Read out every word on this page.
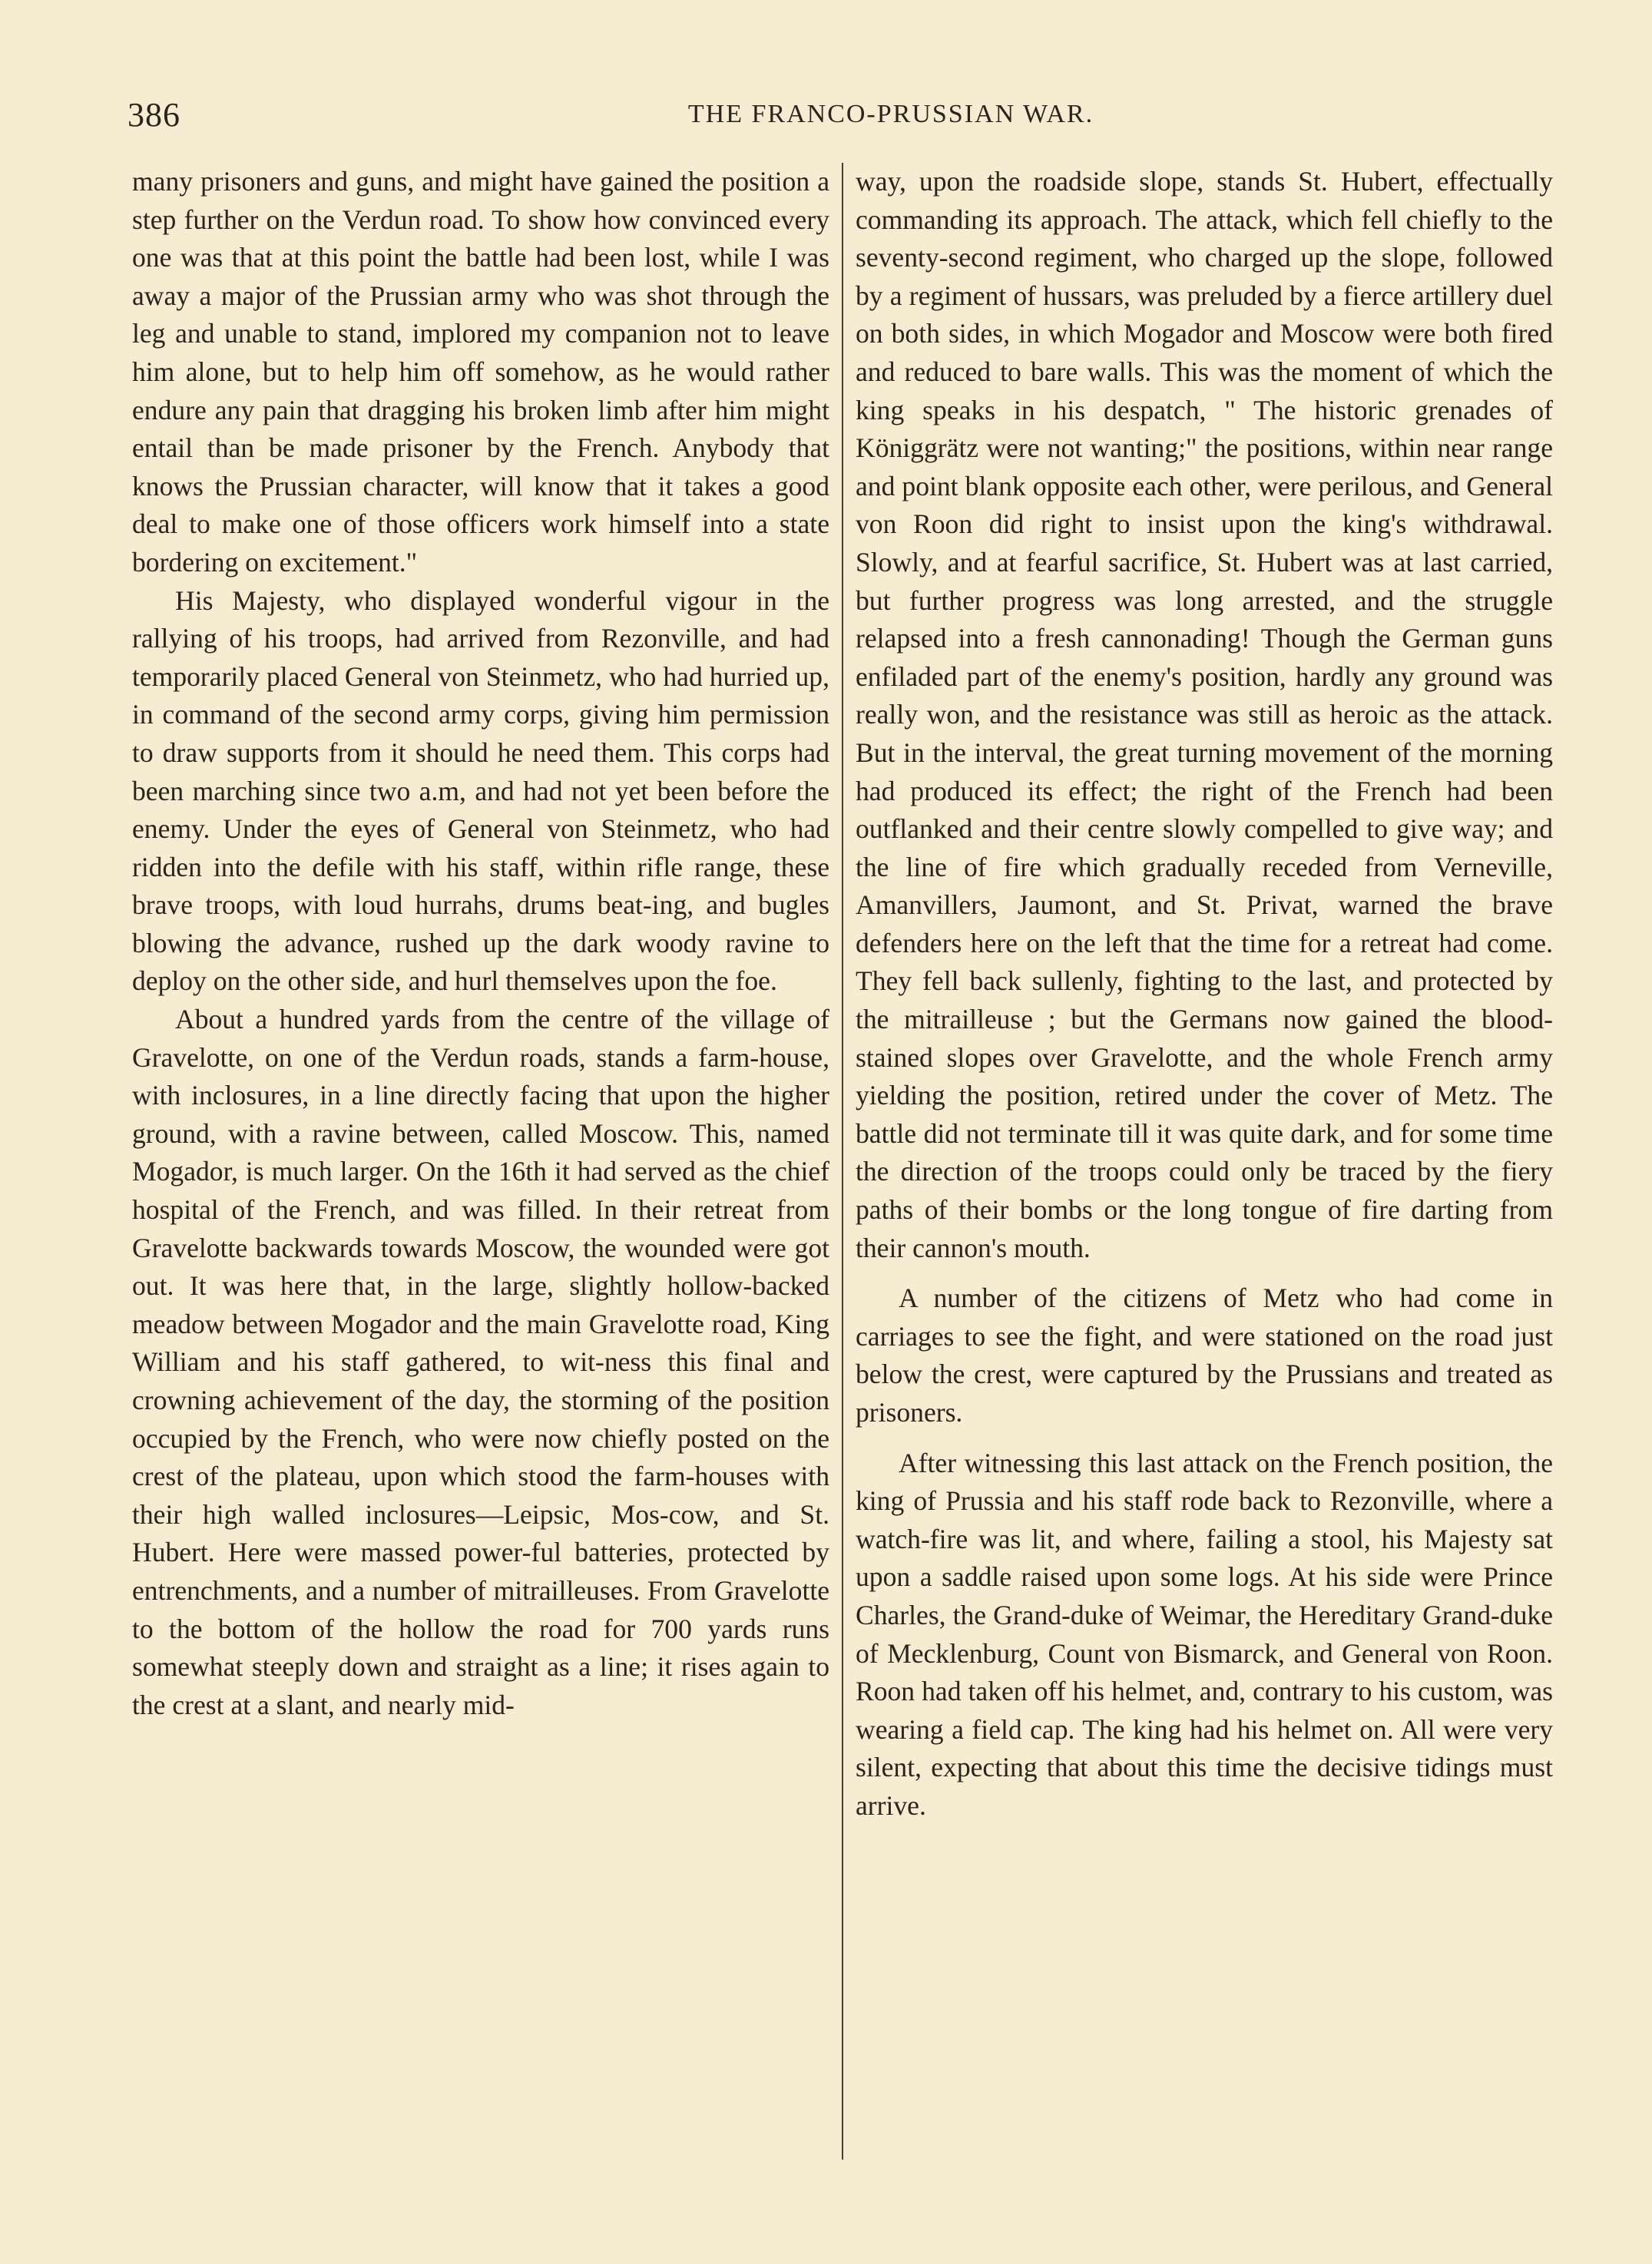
386	THE FRANCO-PRUSSIAN WAR.

many prisoners and guns, and might have gained the position a step further on the Verdun road. To show how convinced every one was that at this point the battle had been lost, while I was away a major of the Prussian army who was shot through the leg and unable to stand, implored my companion not to leave him alone, but to help him off somehow, as he would rather endure any pain that dragging his broken limb after him might entail than be made prisoner by the French. Anybody that knows the Prussian character, will know that it takes a good deal to make one of those officers work himself into a state bordering on excitement."

His Majesty, who displayed wonderful vigour in the rallying of his troops, had arrived from Rezonville, and had temporarily placed General von Steinmetz, who had hurried up, in command of the second army corps, giving him permission to draw supports from it should he need them. This corps had been marching since two a.m, and had not yet been before the enemy. Under the eyes of General von Steinmetz, who had ridden into the defile with his staff, within rifle range, these brave troops, with loud hurrahs, drums beat-ing, and bugles blowing the advance, rushed up the dark woody ravine to deploy on the other side, and hurl themselves upon the foe.

About a hundred yards from the centre of the village of Gravelotte, on one of the Verdun roads, stands a farm-house, with inclosures, in a line directly facing that upon the higher ground, with a ravine between, called Moscow. This, named Mogador, is much larger. On the 16th it had served as the chief hospital of the French, and was filled. In their retreat from Gravelotte backwards towards Moscow, the wounded were got out. It was here that, in the large, slightly hollow-backed meadow between Mogador and the main Gravelotte road, King William and his staff gathered, to wit-ness this final and crowning achievement of the day, the storming of the position occupied by the French, who were now chiefly posted on the crest of the plateau, upon which stood the farm-houses with their high walled inclosures—Leipsic, Mos-cow, and St. Hubert. Here were massed power-ful batteries, protected by entrenchments, and a number of mitrailleuses. From Gravelotte to the bottom of the hollow the road for 700 yards runs somewhat steeply down and straight as a line; it rises again to the crest at a slant, and nearly mid-

way, upon the roadside slope, stands St. Hubert, effectually commanding its approach. The attack, which fell chiefly to the seventy-second regiment, who charged up the slope, followed by a regiment of hussars, was preluded by a fierce artillery duel on both sides, in which Mogador and Moscow were both fired and reduced to bare walls. This was the moment of which the king speaks in his despatch, " The historic grenades of Königgrätz were not wanting;" the positions, within near range and point blank opposite each other, were perilous, and General von Roon did right to insist upon the king's withdrawal. Slowly, and at fearful sacrifice, St. Hubert was at last carried, but further progress was long arrested, and the struggle relapsed into a fresh cannonading! Though the German guns enfiladed part of the enemy's position, hardly any ground was really won, and the resistance was still as heroic as the attack. But in the interval, the great turning movement of the morning had produced its effect; the right of the French had been outflanked and their centre slowly compelled to give way; and the line of fire which gradually receded from Verneville, Amanvillers, Jaumont, and St. Privat, warned the brave defenders here on the left that the time for a retreat had come. They fell back sullenly, fighting to the last, and protected by the mitrailleuse ; but the Germans now gained the blood-stained slopes over Gravelotte, and the whole French army yielding the position, retired under the cover of Metz. The battle did not terminate till it was quite dark, and for some time the direction of the troops could only be traced by the fiery paths of their bombs or the long tongue of fire darting from their cannon's mouth.

A number of the citizens of Metz who had come in carriages to see the fight, and were stationed on the road just below the crest, were captured by the Prussians and treated as prisoners.

After witnessing this last attack on the French position, the king of Prussia and his staff rode back to Rezonville, where a watch-fire was lit, and where, failing a stool, his Majesty sat upon a saddle raised upon some logs. At his side were Prince Charles, the Grand-duke of Weimar, the Hereditary Grand-duke of Mecklenburg, Count von Bismarck, and General von Roon. Roon had taken off his helmet, and, contrary to his custom, was wearing a field cap. The king had his helmet on. All were very silent, expecting that about this time the decisive tidings must arrive.
